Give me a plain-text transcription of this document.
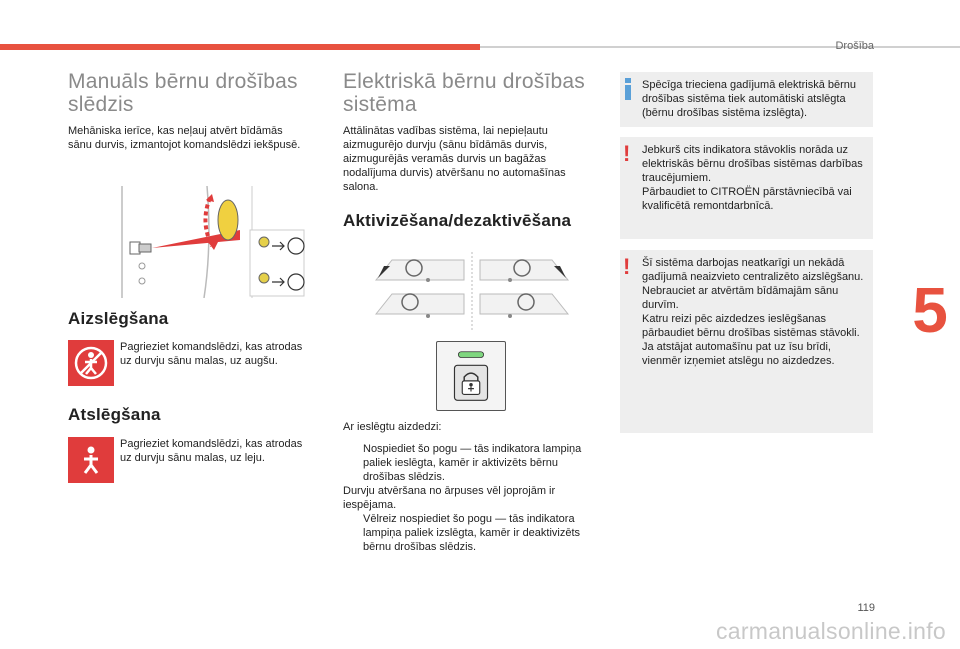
Drošība
5
Manuāls bērnu drošības slēdzis

Mehāniska ierīce, kas neļauj atvērt bīdāmās sānu durvis, izmantojot komandslēdzi iekšpusē.

Aizslēgšana

Pagrieziet komandslēdzi, kas atrodas uz durvju sānu malas, uz augšu.

Atslēgšana

Pagrieziet komandslēdzi, kas atrodas uz durvju sānu malas, uz leju.

Elektriskā bērnu drošības sistēma

Attālinātas vadības sistēma, lai nepieļautu aizmugurējo durvju (sānu bīdāmās durvis, aizmugurējās veramās durvis un bagāžas nodalījuma durvis) atvēršanu no automašīnas salona.

Aktivizēšana/dezaktivēšana

Ar ieslēgtu aizdedzi:

Nospiediet šo pogu — tās indikatora lampiņa paliek ieslēgta, kamēr ir aktivizēts bērnu drošības slēdzis.

Durvju atvēršana no ārpuses vēl joprojām ir iespējama.

Vēlreiz nospiediet šo pogu — tās indikatora lampiņa paliek izslēgta, kamēr ir deaktivizēts bērnu drošības slēdzis.

Spēcīga trieciena gadījumā elektriskā bērnu drošības sistēma tiek automātiski atslēgta (bērnu drošības sistēma izslēgta).

! Jebkurš cits indikatora stāvoklis norāda uz elektriskās bērnu drošības sistēmas darbības traucējumiem.
Pārbaudiet to CITROËN pārstāvniecībā vai kvalificētā remontdarbnīcā.

! Šī sistēma darbojas neatkarīgi un nekādā gadījumā neaizvieto centralizēto aizslēgšanu.
Nebrauciet ar atvērtām bīdāmajām sānu durvīm.
Katru reizi pēc aizdedzes ieslēgšanas pārbaudiet bērnu drošības sistēmas stāvokli.
Ja atstājat automašīnu pat uz īsu brīdi, vienmēr izņemiet atslēgu no aizdedzes.

119
carmanualsonline.info
